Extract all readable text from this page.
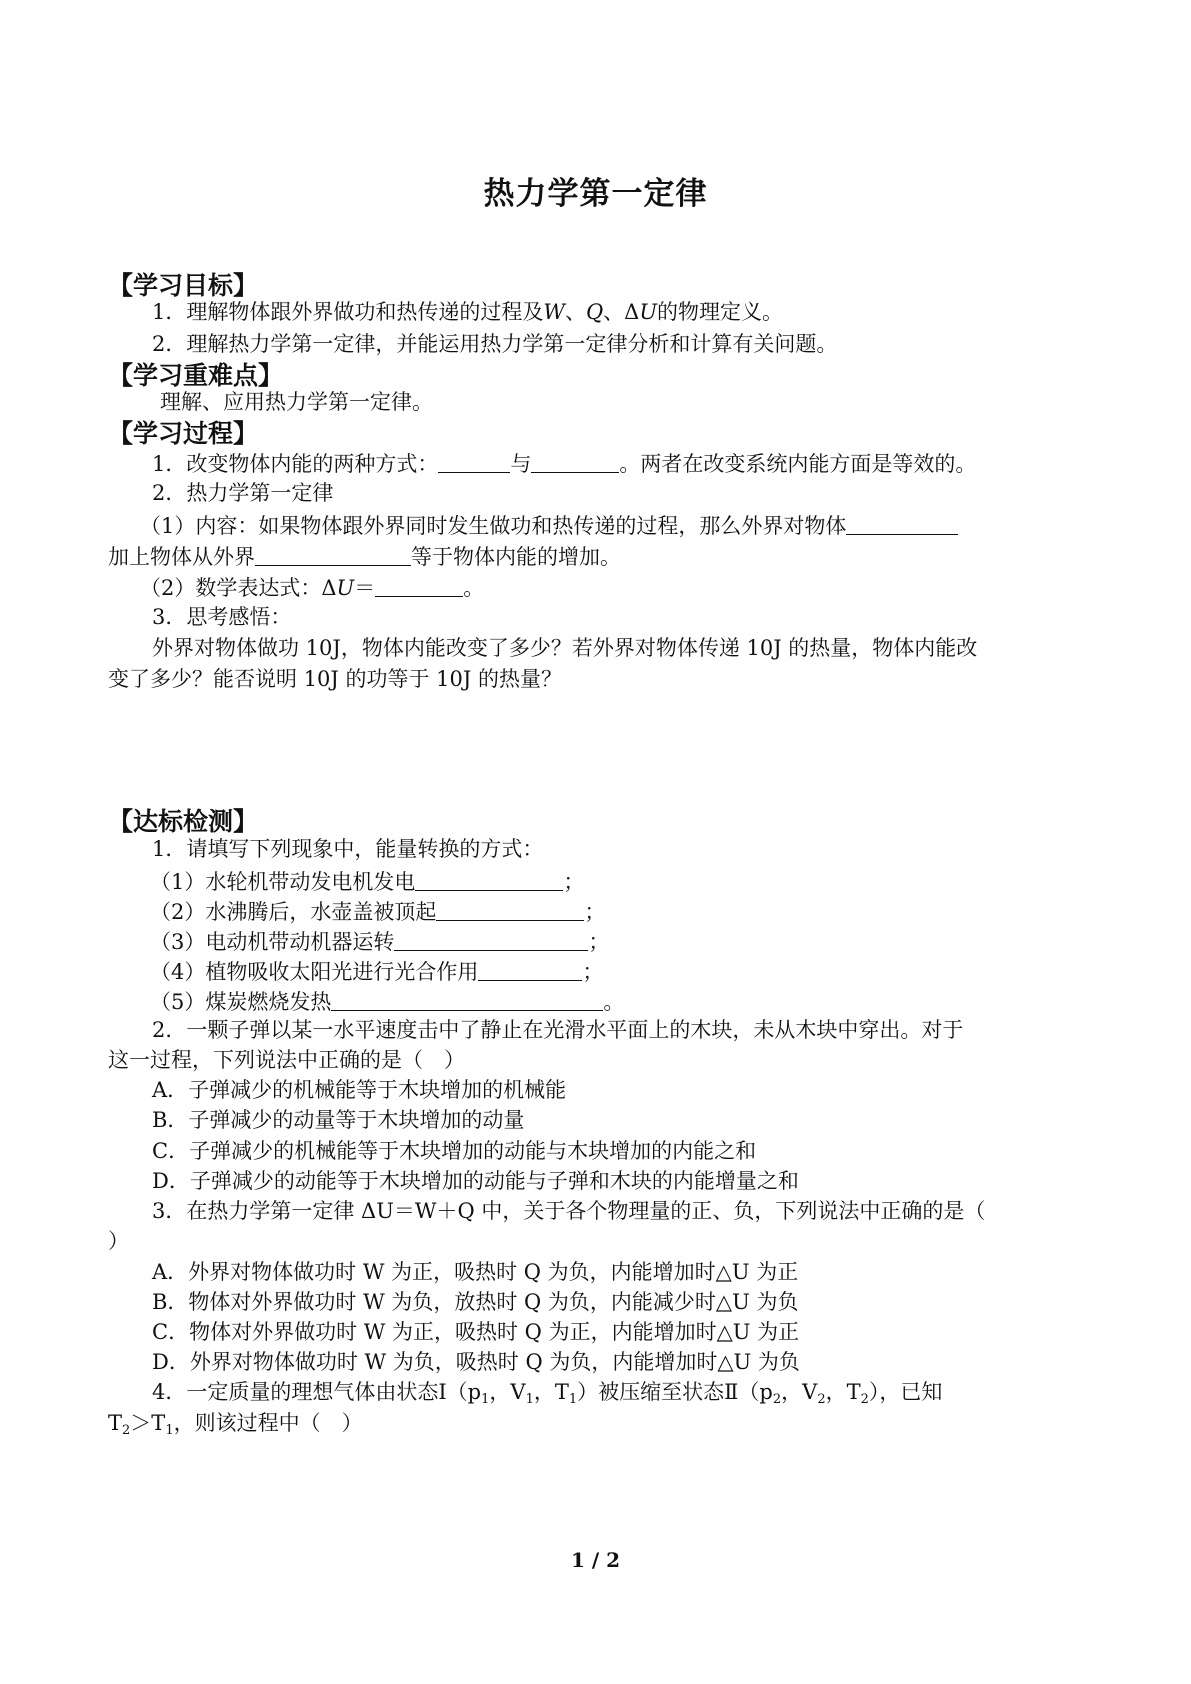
热力学第一定律
【学习目标】
1．理解物体跟外界做功和热传递的过程及W、Q、ΔU的物理定义。
2．理解热力学第一定律，并能运用热力学第一定律分析和计算有关问题。
【学习重难点】
理解、应用热力学第一定律。
【学习过程】
1．改变物体内能的两种方式：	与	。两者在改变系统内能方面是等效的。
2．热力学第一定律
（1）内容：如果物体跟外界同时发生做功和热传递的过程，那么外界对物体
加上物体从外界	等于物体内能的增加。
（2）数学表达式：ΔU＝	。
3．思考感悟：
外界对物体做功 10J，物体内能改变了多少？若外界对物体传递 10J 的热量，物体内能改
变了多少？能否说明 10J 的功等于 10J 的热量？
【达标检测】
1．请填写下列现象中，能量转换的方式：
（1）水轮机带动发电机发电	；
（2）水沸腾后，水壶盖被顶起	；
（3）电动机带动机器运转	；
（4）植物吸收太阳光进行光合作用	；
（5）煤炭燃烧发热	。
2．一颗子弹以某一水平速度击中了静止在光滑水平面上的木块，未从木块中穿出。对于
这一过程，下列说法中正确的是（　）
A．子弹减少的机械能等于木块增加的机械能
B．子弹减少的动量等于木块增加的动量
C．子弹减少的机械能等于木块增加的动能与木块增加的内能之和
D．子弹减少的动能等于木块增加的动能与子弹和木块的内能增量之和
3．在热力学第一定律 ΔU＝W＋Q 中，关于各个物理量的正、负，下列说法中正确的是（
）
A．外界对物体做功时 W 为正，吸热时 Q 为负，内能增加时△U 为正
B．物体对外界做功时 W 为负，放热时 Q 为负，内能减少时△U 为负
C．物体对外界做功时 W 为正，吸热时 Q 为正，内能增加时△U 为正
D．外界对物体做功时 W 为负，吸热时 Q 为负，内能增加时△U 为负
4．一定质量的理想气体由状态$Ⅰ(p_1$，$V_1$，$T_1$）被压缩至状态$Ⅱ(p_2$，$V_2$，$T_2$），已知
$T_2>T_1$，则该过程中（　）
1 / 2
